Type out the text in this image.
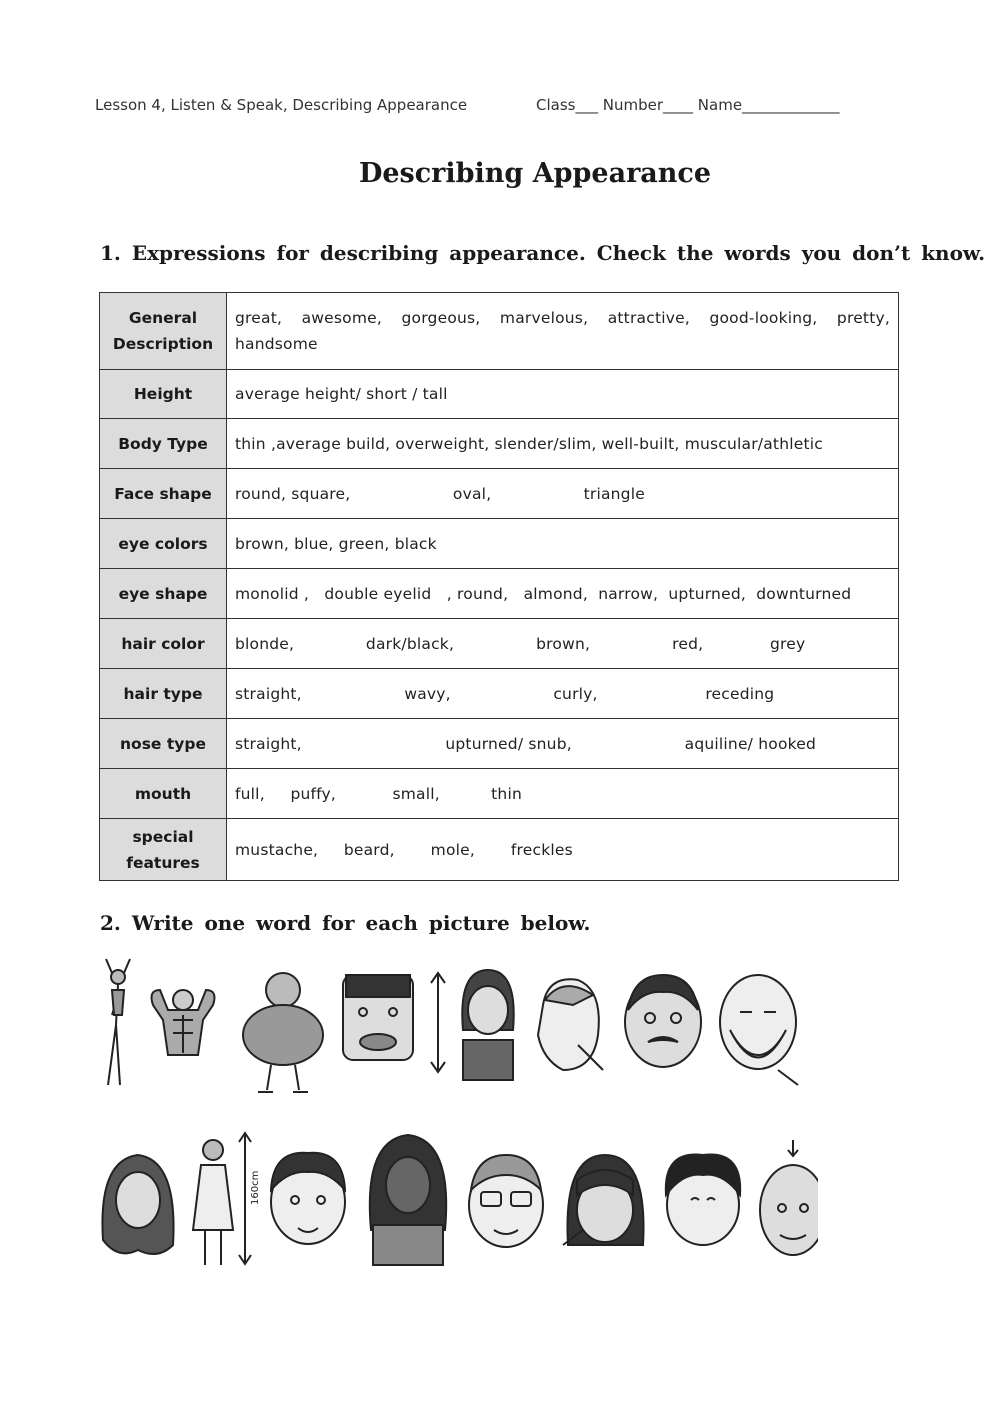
Lesson 4, Listen & Speak, Describing Appearance	Class___ Number____ Name_____________
Describing Appearance
1. Expressions for describing appearance. Check the words you don’t know.
General Description	great, awesome, gorgeous, marvelous, attractive, good-looking, pretty, handsome
Height	average height/ short / tall
Body Type	thin ,average build, overweight, slender/slim, well-built, muscular/athletic
Face shape	round, square,                    oval,                  triangle
eye colors	brown, blue, green, black
eye shape	monolid ,   double eyelid   , round,   almond,  narrow,  upturned,  downturned
hair color	blonde,              dark/black,                brown,                red,             grey
hair type	straight,                    wavy,                    curly,                     receding
nose type	straight,                            upturned/ snub,                      aquiline/ hooked
mouth	full,     puffy,           small,          thin
special features	mustache,     beard,       mole,       freckles
2. Write one word for each picture below.
160cm
